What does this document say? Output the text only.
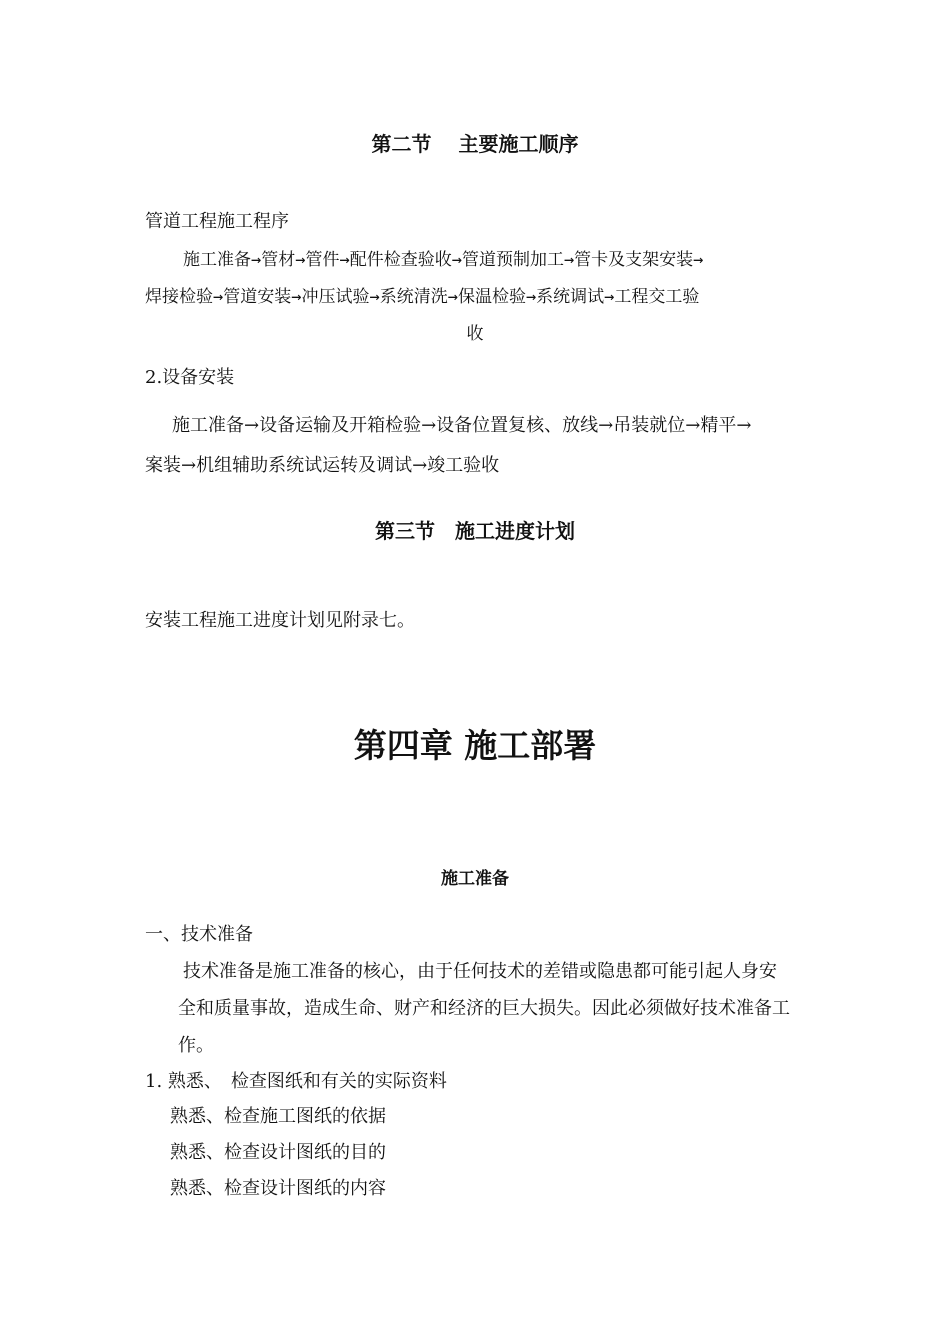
第二节　 主要施工顺序
管道工程施工程序
施工准备→管材→管件→配件检查验收→管道预制加工→管卡及支架安装→
焊接检验→管道安装→冲压试验→系统清洗→保温检验→系统调试→工程交工验
收
2.设备安装
施工准备→设备运输及开箱检验→设备位置复核、放线→吊装就位→精平→
案装→机组辅助系统试运转及调试→竣工验收
第三节　施工进度计划
安装工程施工进度计划见附录七。
第四章 施工部署
施工准备
一、技术准备
技术准备是施工准备的核心，由于任何技术的差错或隐患都可能引起人身安
全和质量事故，造成生命、财产和经济的巨大损失。因此必须做好技术准备工
作。
1. 熟悉、　检查图纸和有关的实际资料
熟悉、检查施工图纸的依据
熟悉、检查设计图纸的目的
熟悉、检查设计图纸的内容
